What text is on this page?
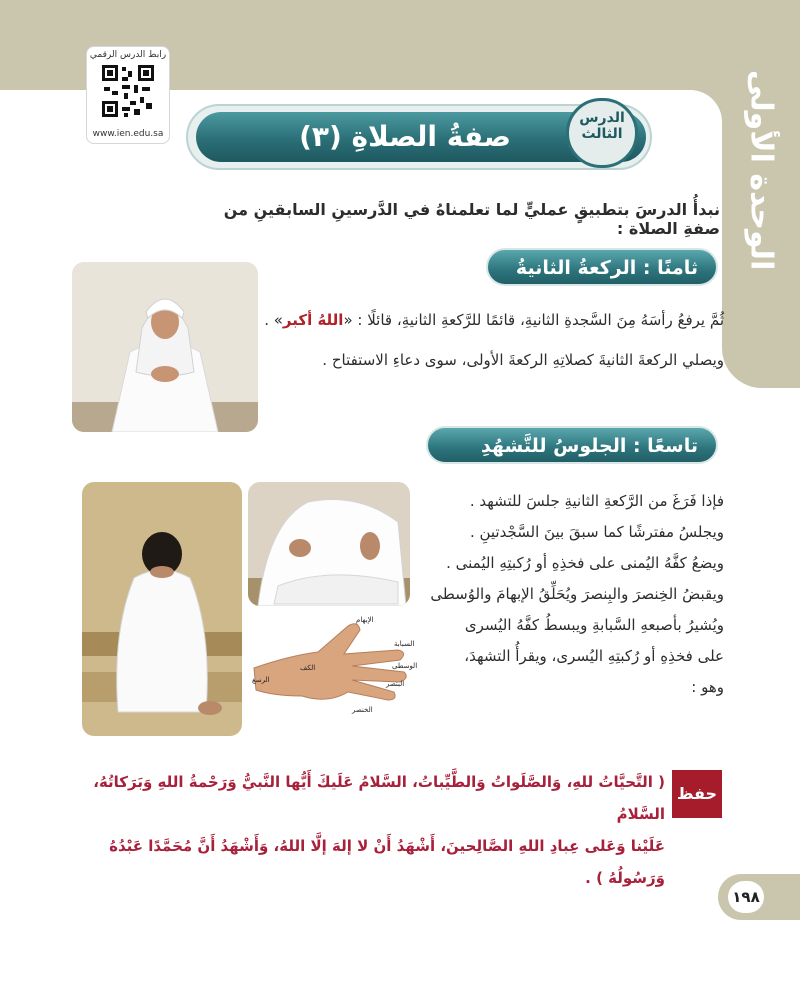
الوحدة الأولى
رابط الدرس الرقمي
www.ien.edu.sa	صفةُ الصلاةِ (٣)
الدرس
الثالث
نبدأُ الدرسَ بتطبيقٍ عمليٍّ لما تعلمناهُ في الدَّرسينِ السابقينِ من صفةِ الصلاة :
ثامنًا : الركعةُ الثانيةُ
ثُمَّ يرفعُ رأسَهُ مِنَ السَّجدةِ الثانيةِ، قائمًا للرَّكعةِ الثانيةِ، قائلًا : «اللهُ أكبر» .
ويصلي الركعةَ الثانيةَ كصلاتِهِ الركعةَ الأولى، سوى دعاءِ الاستفتاح .
تاسعًا : الجلوسُ للتَّشهُدِ الأوَّلِ
الإبهام
السبابة
الوسطى
البنصر
الخنصر
الكف
الرسغ
فإذا فَرَغَ من الرَّكعةِ الثانيةِ جلسَ للتشهد .
ويجلسُ مفترشًا كما سبقَ بينَ السَّجْدتينِ .
ويضعُ كفَّهُ اليُمنى على فخذِهِ أو رُكبتِهِ اليُمنى .
ويقبضُ الخِنصرَ والبِنصرَ ويُحَلِّقُ الإبهامَ والوُسطى
ويُشيرُ بأصبعهِ السَّبابةِ ويبسطُ كفَّهُ اليُسرى
على فخذِهِ أو رُكبتِهِ اليُسرى، ويقرأُ التشهدَ،
وهو :
حفظ
( التَّحيَّاتُ للهِ، وَالصَّلَواتُ وَالطَّيِّباتُ، السَّلامُ عَلَيكَ أَيُّها النَّبيُّ وَرَحْمةُ اللهِ وَبَرَكاتُهُ، السَّلامُ
عَلَيْنا وَعَلى عِبادِ اللهِ الصَّالِحينَ، أَشْهَدُ أَنْ لا إلهَ إلَّا اللهُ، وَأَشْهَدُ أَنَّ مُحَمَّدًا عَبْدُهُ وَرَسُولُهُ ) .
١٩٨
